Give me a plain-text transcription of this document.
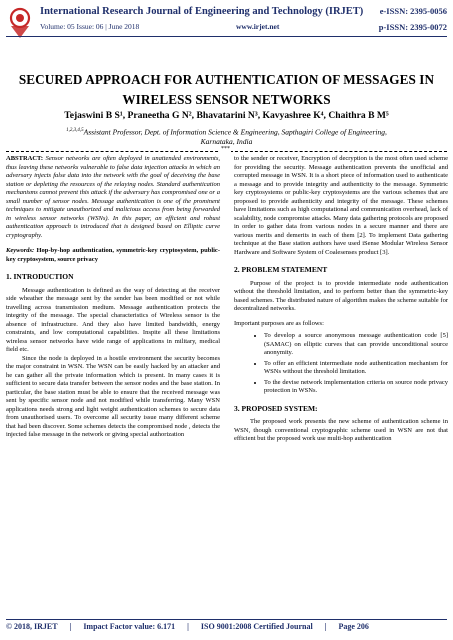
International Research Journal of Engineering and Technology (IRJET) e-ISSN: 2395-0056
Volume: 05 Issue: 06 | June 2018	www.irjet.net	p-ISSN: 2395-0072
SECURED APPROACH FOR AUTHENTICATION OF MESSAGES IN
WIRELESS SENSOR NETWORKS
Tejaswini B S¹, Praneetha G N², Bhavatarini N³, Kavyashree K⁴, Chaithra B M⁵
$^{1,2,3,4,5}$Assistant Professor, Dept. of Information Science & Engineering, Sapthagiri College of Engineering,
Karnataka, India
***

ABSTRACT: Sensor networks are often deployed in unattended environments, thus leaving these networks vulnerable to false data injection attacks in which an adversary injects false data into the network with the goal of deceiving the base station or depleting the resources of the relaying nodes. Standard authentication mechanisms cannot prevent this attack if the adversary has compromised one or a small number of sensor nodes. Message authentication is one of the prominent techniques to mitigate unauthorized and malicious access from being forwarded in wireless sensor networks (WSNs). In this paper, an efficient and robust authentication approach is introduced that is designed based on Elliptic curve cryptography.

Keywords: Hop-by-hop authentication, symmetric-key cryptosystem, public-key cryptosystem, source privacy

1. INTRODUCTION

Message authentication is defined as the way of detecting at the receiver side wheather the message sent by the sender has been modified or not while travelling across transmission medium. Message authentication protects the integrity of the message. The special characteristics of Wireless sensor is the absence of infrastructure. And they also have limited bandwidth, energy constraints, and low computational capabilities. Inspite all these limitations wireless sensor networks have wide range of applications in military, medical field etc.

Since the node is deployed in a hostile environment the security becomes the major constraint in WSN. The WSN can be easily hacked by an attacker and he can gather all the private information which is present. In many cases it is sufficient to secure data transfer between the sensor nodes and the base station. In particular, the base station must be able to ensure that the received message was sent by specific sensor node and not modified while transferring. Many WSN applications needs strong and light weight authentication schemes to secure data from unauthorised users. To overcome all security issue many different scheme that had been discover. Some schemes detects the compromised node , detects the injected false message in the network or giving special authorization

to the sender or receiver, Encryption of decryption is the most often used scheme for providing the security. Message authentication prevents the unofficial and corrupted message in WSN. It is a short piece of information used to authenticate a message and to provide integrity and authenticity to the message. Symmetric key cryptosystems or public-key cryptosystems are the various schemes that are proposed to provide authenticity and integrity of the message. These schemes have limitations such as high computational and communication overhead, lack of scalability, node compromise attacks. Many data gathering protocols are proposed in order to gather data from various nodes in a secure manner and there are various merits and demerits in each of them [2]. To implement Data gathering technique at the Base station authors have used iSense Modular Wireless Sensor Hardware and Software System of Coalesenses product [3].

2. PROBLEM STATEMENT

Purpose of the project is to provide intermediate node authentication without the threshold limitation, and to perform better than the symmetric-key based schemes. The distributed nature of algorithm makes the scheme suitable for decentralized networks.

Important purposes are as follows:

• To develop a source anonymous message authentication code [5] (SAMAC) on elliptic curves that can provide unconditional source anonymity.
• To offer an efficient intermediate node authentication mechanism for WSNs without the threshold limitation.
• To the devise network implementation criteria on source node privacy protection in WSNs.

3. PROPOSED SYSTEM:

The proposed work presents the new scheme of authentication scheme in WSN, though conventional cryptographic scheme used in WSN are not that efficient but the proposed work use multi-hop authentication

© 2018, IRJET | Impact Factor value: 6.171 | ISO 9001:2008 Certified Journal | Page 206
